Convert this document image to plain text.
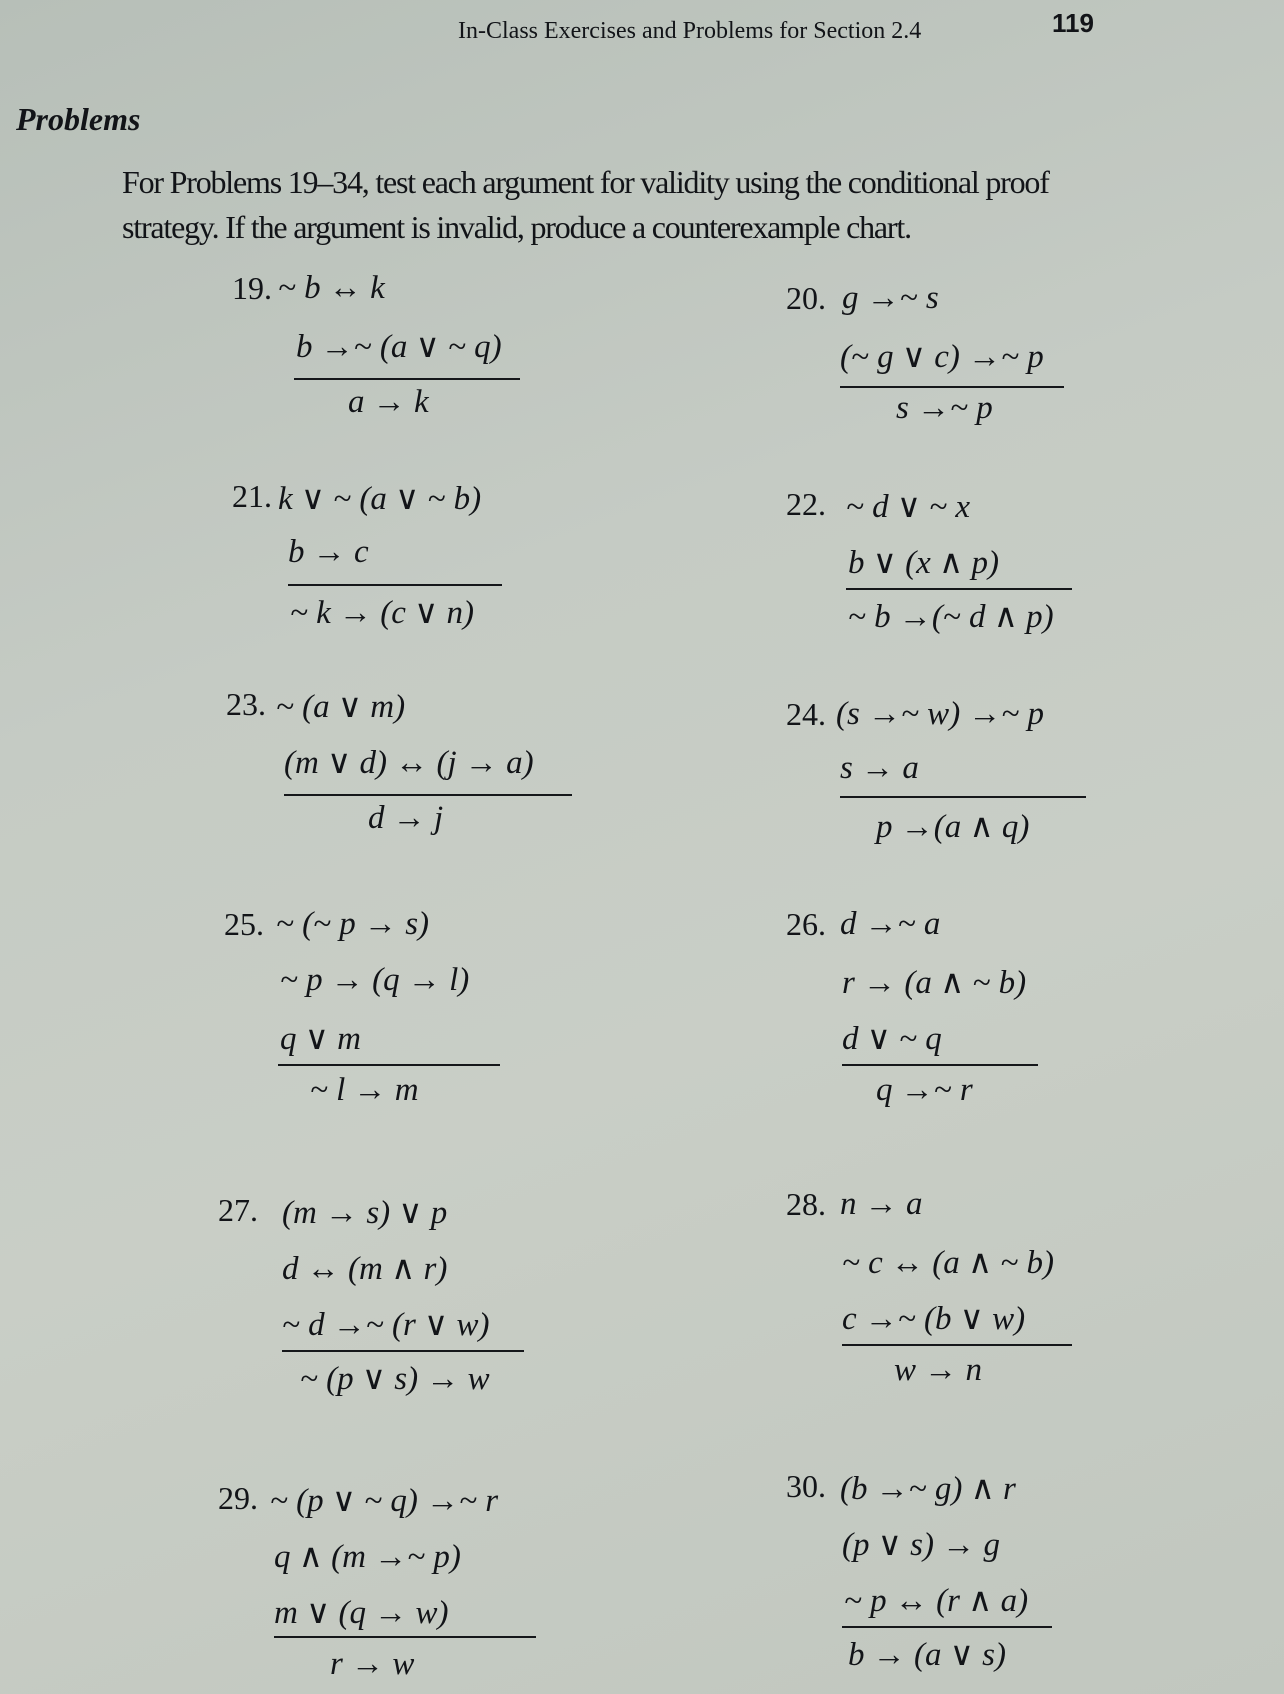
In-Class Exercises and Problems for Section 2.4	119
Problems
For Problems 19–34, test each argument for validity using the conditional proof strategy. If the argument is invalid, produce a counterexample chart.
19. ~ b ↔ k
b →~ (a ∨ ~ q)
a → k
20. g →~ s
(~ g ∨ c) →~ p
s →~ p
21. k ∨ ~ (a ∨ ~ b)
b → c
~ k → (c ∨ n)
22. ~ d ∨ ~ x
b ∨ (x ∧ p)
~ b →(~ d ∧ p)
23. ~ (a ∨ m)
(m ∨ d) ↔ (j → a)
d → j
24. (s →~ w) →~ p
s → a
p →(a ∧ q)
25. ~ (~ p → s)
~ p → (q → l)
q ∨ m
~ l → m
26. d →~ a
r → (a ∧ ~ b)
d ∨ ~ q
q →~ r
27. (m → s) ∨ p
d ↔ (m ∧ r)
~ d →~ (r ∨ w)
~ (p ∨ s) → w
28. n → a
~ c ↔ (a ∧ ~ b)
c →~ (b ∨ w)
w → n
29. ~ (p ∨ ~ q) →~ r
q ∧ (m →~ p)
m ∨ (q → w)
r → w
30. (b →~ g) ∧ r
(p ∨ s) → g
~ p ↔ (r ∧ a)
b → (a ∨ s)
